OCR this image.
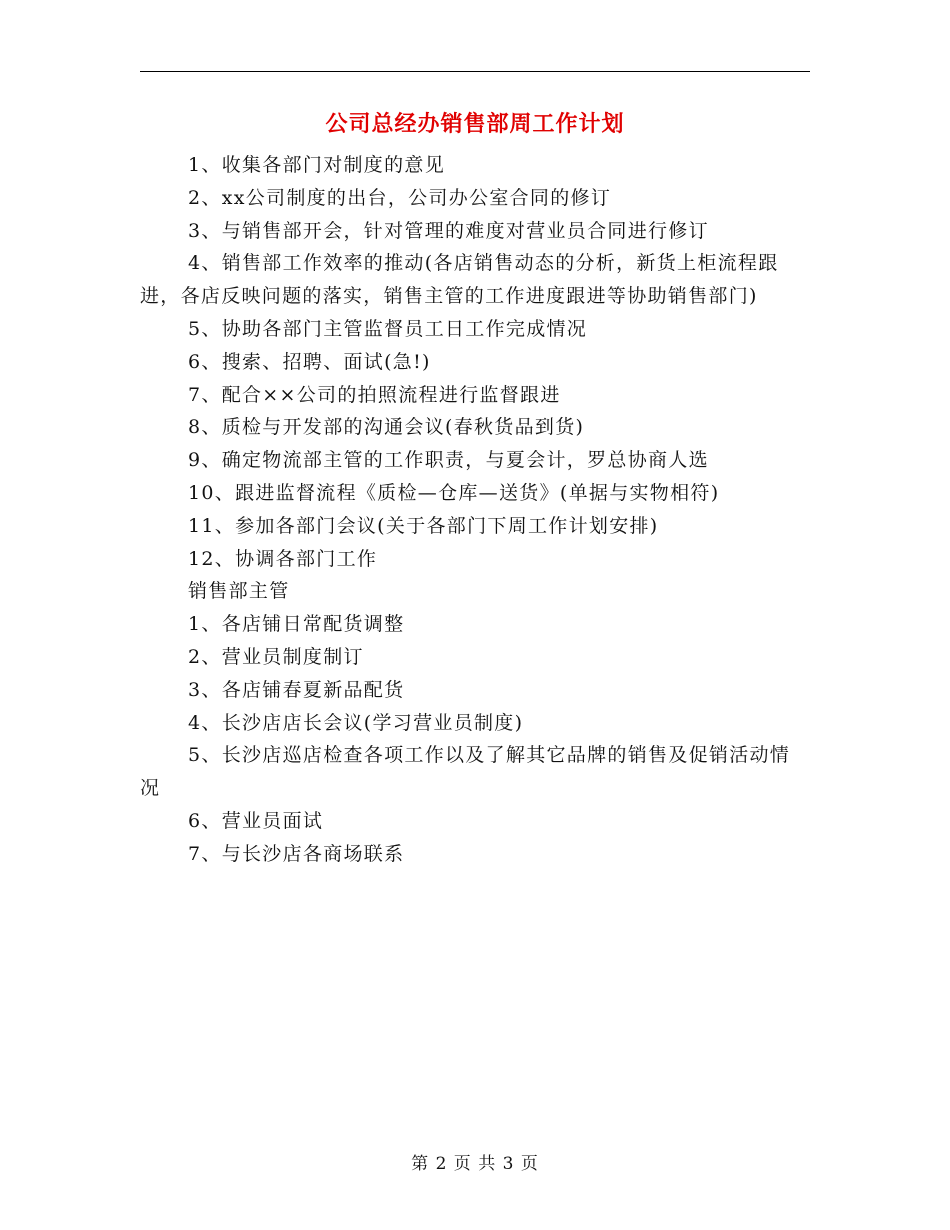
公司总经办销售部周工作计划

1、收集各部门对制度的意见

2、xx公司制度的出台，公司办公室合同的修订

3、与销售部开会，针对管理的难度对营业员合同进行修订

4、销售部工作效率的推动(各店销售动态的分析，新货上柜流程跟进，各店反映问题的落实，销售主管的工作进度跟进等协助销售部门)

5、协助各部门主管监督员工日工作完成情况

6、搜索、招聘、面试(急!)

7、配合××公司的拍照流程进行监督跟进

8、质检与开发部的沟通会议(春秋货品到货)

9、确定物流部主管的工作职责，与夏会计，罗总协商人选

10、跟进监督流程《质检—仓库—送货》(单据与实物相符)

11、参加各部门会议(关于各部门下周工作计划安排)

12、协调各部门工作

销售部主管

1、各店铺日常配货调整

2、营业员制度制订

3、各店铺春夏新品配货

4、长沙店店长会议(学习营业员制度)

5、长沙店巡店检查各项工作以及了解其它品牌的销售及促销活动情况

6、营业员面试

7、与长沙店各商场联系

第 2 页 共 3 页
